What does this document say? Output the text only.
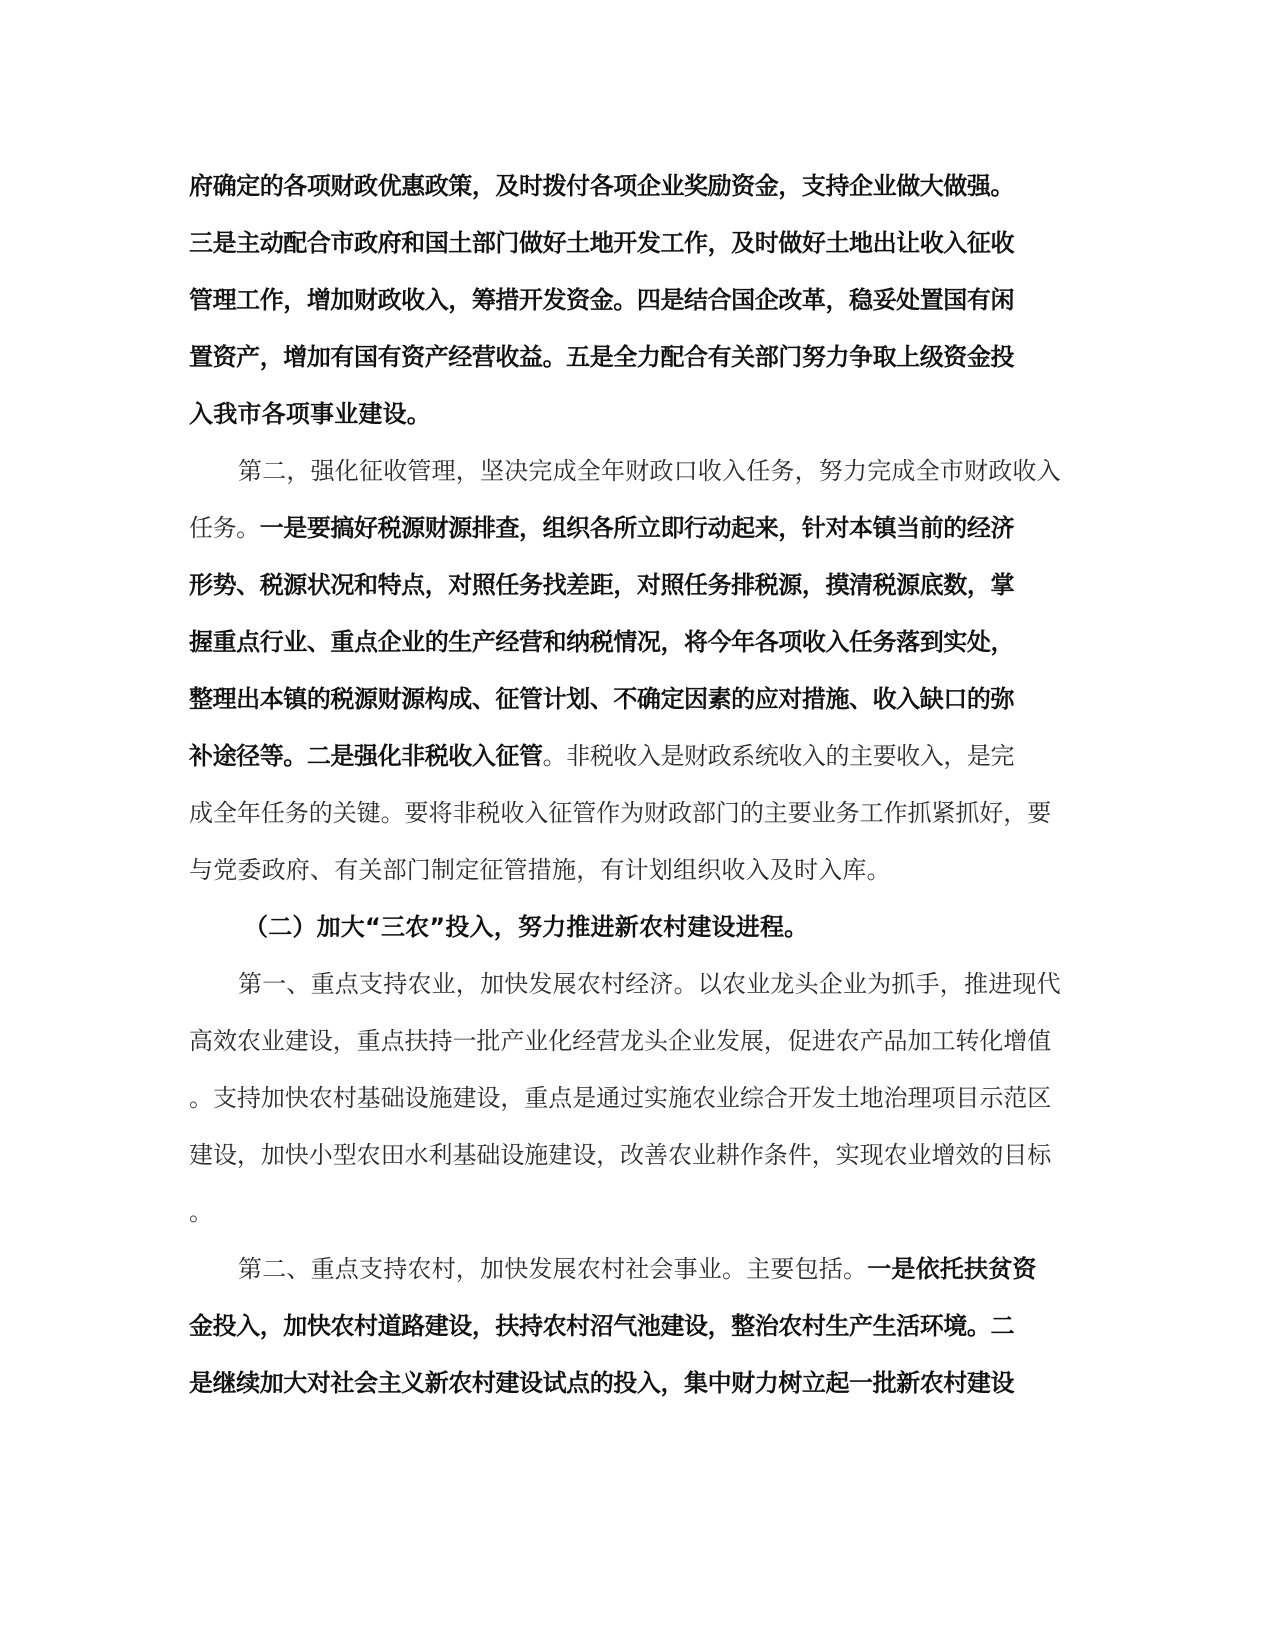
府确定的各项财政优惠政策，及时拨付各项企业奖励资金，支持企业做大做强。
三是主动配合市政府和国土部门做好土地开发工作，及时做好土地出让收入征收
管理工作，增加财政收入，筹措开发资金。四是结合国企改革，稳妥处置国有闲
置资产，增加有国有资产经营收益。五是全力配合有关部门努力争取上级资金投
入我市各项事业建设。
第二，强化征收管理，坚决完成全年财政口收入任务，努力完成全市财政收入
任务。一是要搞好税源财源排查，组织各所立即行动起来，针对本镇当前的经济
形势、税源状况和特点，对照任务找差距，对照任务排税源，摸清税源底数，掌
握重点行业、重点企业的生产经营和纳税情况，将今年各项收入任务落到实处，
整理出本镇的税源财源构成、征管计划、不确定因素的应对措施、收入缺口的弥
补途径等。二是强化非税收入征管。非税收入是财政系统收入的主要收入，是完
成全年任务的关键。要将非税收入征管作为财政部门的主要业务工作抓紧抓好，要
与党委政府、有关部门制定征管措施，有计划组织收入及时入库。
（二）加大“三农”投入，努力推进新农村建设进程。
第一、重点支持农业，加快发展农村经济。以农业龙头企业为抓手，推进现代
高效农业建设，重点扶持一批产业化经营龙头企业发展，促进农产品加工转化增值
。支持加快农村基础设施建设，重点是通过实施农业综合开发土地治理项目示范区
建设，加快小型农田水利基础设施建设，改善农业耕作条件，实现农业增效的目标
。
第二、重点支持农村，加快发展农村社会事业。主要包括。一是依托扶贫资
金投入，加快农村道路建设，扶持农村沼气池建设，整治农村生产生活环境。二
是继续加大对社会主义新农村建设试点的投入，集中财力树立起一批新农村建设
